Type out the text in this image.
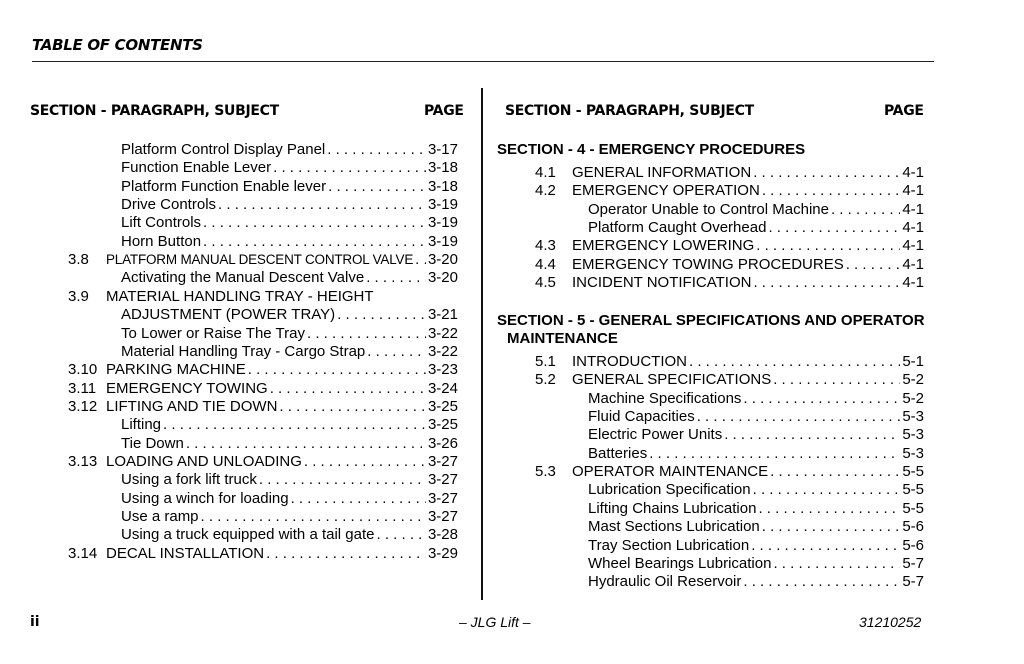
TABLE OF CONTENTS
SECTION - PARAGRAPH, SUBJECT	PAGE	SECTION - PARAGRAPH, SUBJECT	PAGE
Platform Control Display Panel . . .	3-17
Function Enable Lever . . .	3-18
Platform Function Enable lever . . .	3-18
Drive Controls . . .	3-19
Lift Controls . . .	3-19
Horn Button . . .	3-19
3.8 PLATFORM MANUAL DESCENT CONTROL VALVE . . . 3-20
Activating the Manual Descent Valve . . .	3-20
3.9 MATERIAL HANDLING TRAY - HEIGHT
ADJUSTMENT (POWER TRAY) . . .	3-21
To Lower or Raise The Tray . . .	3-22
Material Handling Tray - Cargo Strap . . .	3-22
3.10 PARKING MACHINE . . .	3-23
3.11 EMERGENCY TOWING . . .	3-24
3.12 LIFTING AND TIE DOWN . . .	3-25
Lifting . . .	3-25
Tie Down . . .	3-26
3.13 LOADING AND UNLOADING . . .	3-27
Using a fork lift truck . . .	3-27
Using a winch for loading . . .	3-27
Use a ramp . . .	3-27
Using a truck equipped with a tail gate . . .	3-28
3.14 DECAL INSTALLATION . . .	3-29
SECTION - 4 - EMERGENCY PROCEDURES
4.1 GENERAL INFORMATION . . .	4-1
4.2 EMERGENCY OPERATION . . .	4-1
Operator Unable to Control Machine . . .	4-1
Platform Caught Overhead . . .	4-1
4.3 EMERGENCY LOWERING . . .	4-1
4.4 EMERGENCY TOWING PROCEDURES . . .	4-1
4.5 INCIDENT NOTIFICATION . . .	4-1
SECTION - 5 - GENERAL SPECIFICATIONS AND OPERATOR
MAINTENANCE
5.1 INTRODUCTION . . .	5-1
5.2 GENERAL SPECIFICATIONS . . .	5-2
Machine Specifications . . .	5-2
Fluid Capacities . . .	5-3
Electric Power Units . . .	5-3
Batteries . . .	5-3
5.3 OPERATOR MAINTENANCE . . .	5-5
Lubrication Specification . . .	5-5
Lifting Chains Lubrication . . .	5-5
Mast Sections Lubrication . . .	5-6
Tray Section Lubrication . . .	5-6
Wheel Bearings Lubrication . . .	5-7
Hydraulic Oil Reservoir . . .	5-7
ii	– JLG Lift –	31210252
